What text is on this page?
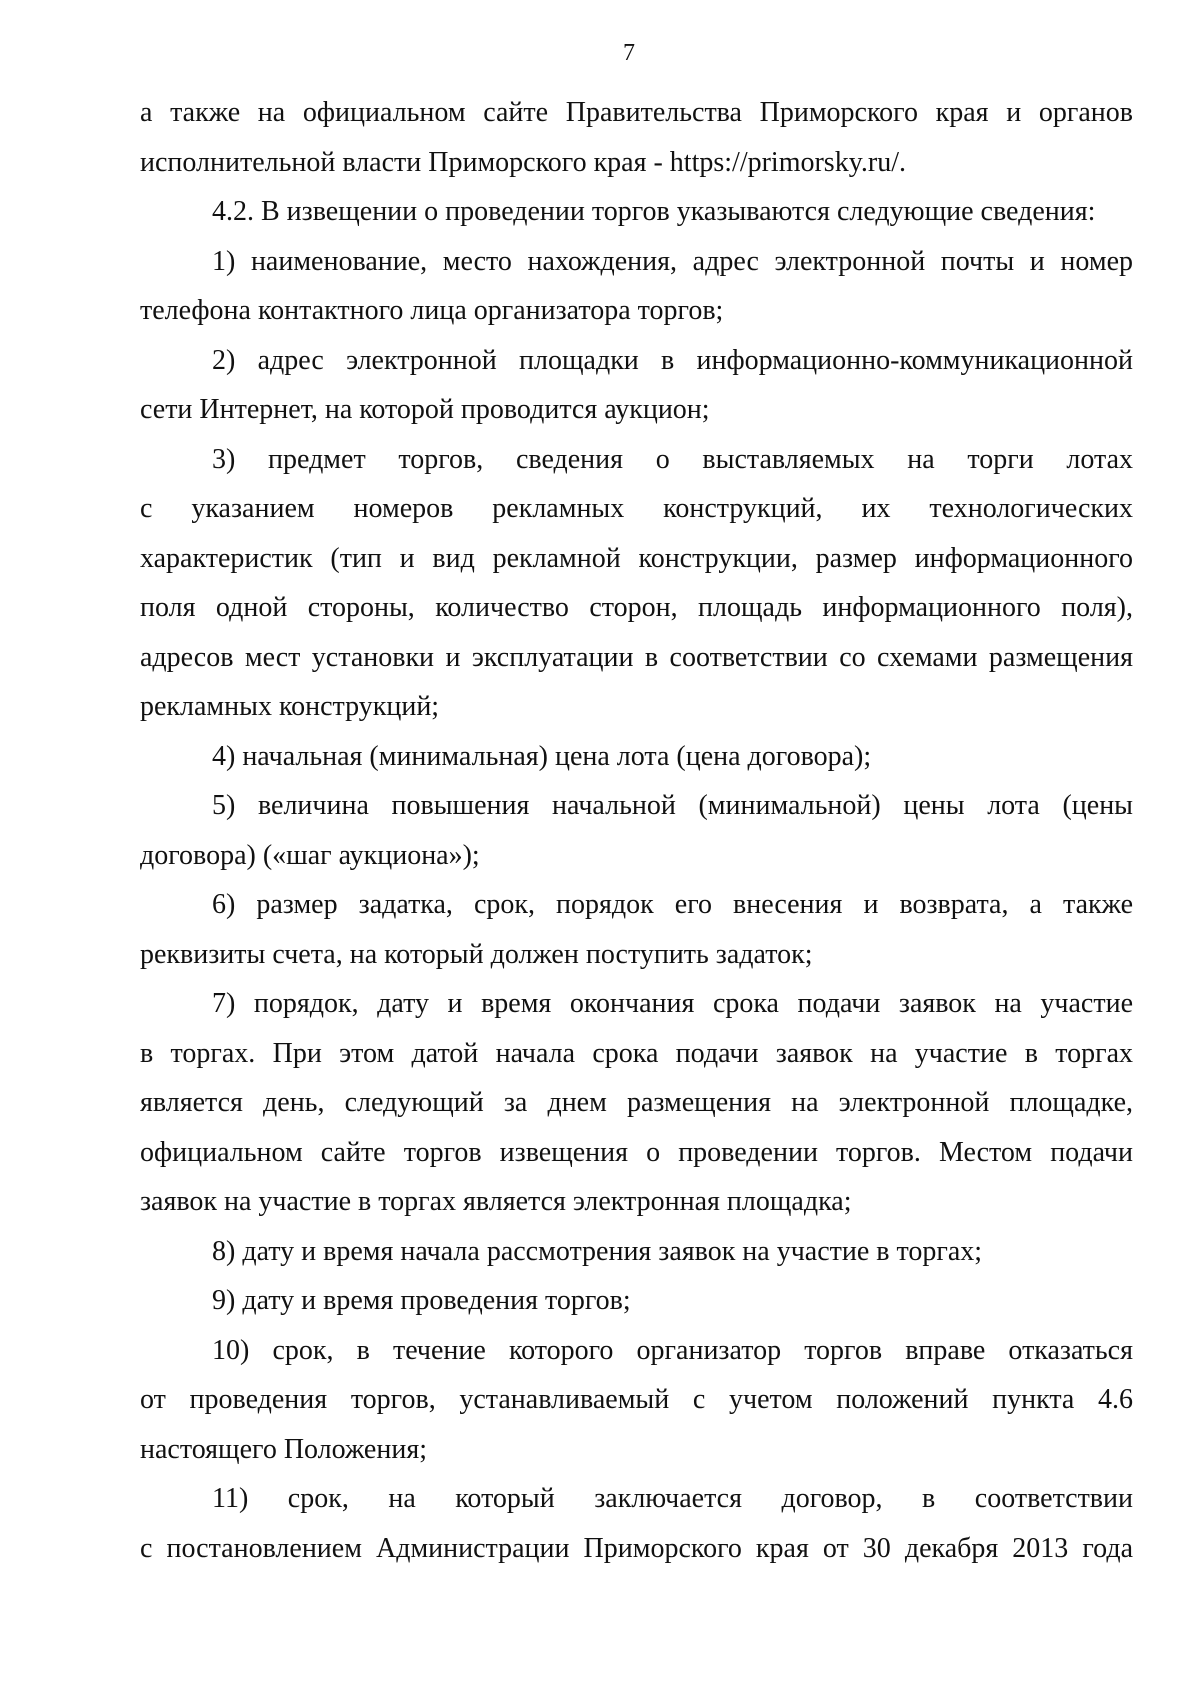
7
а также на официальном сайте Правительства Приморского края и органов
исполнительной власти Приморского края - https://primorsky.ru/.
4.2. В извещении о проведении торгов указываются следующие сведения:
1) наименование, место нахождения, адрес электронной почты и номер
телефона контактного лица организатора торгов;
2) адрес электронной площадки в информационно-коммуникационной
сети Интернет, на которой проводится аукцион;
3) предмет торгов, сведения о выставляемых на торги лотах
с указанием номеров рекламных конструкций, их технологических
характеристик (тип и вид рекламной конструкции, размер информационного
поля одной стороны, количество сторон, площадь информационного поля),
адресов мест установки и эксплуатации в соответствии со схемами размещения
рекламных конструкций;
4) начальная (минимальная) цена лота (цена договора);
5) величина повышения начальной (минимальной) цены лота (цены
договора) («шаг аукциона»);
6) размер задатка, срок, порядок его внесения и возврата, а также
реквизиты счета, на который должен поступить задаток;
7) порядок, дату и время окончания срока подачи заявок на участие
в торгах. При этом датой начала срока подачи заявок на участие в торгах
является день, следующий за днем размещения на электронной площадке,
официальном сайте торгов извещения о проведении торгов. Местом подачи
заявок на участие в торгах является электронная площадка;
8) дату и время начала рассмотрения заявок на участие в торгах;
9) дату и время проведения торгов;
10) срок, в течение которого организатор торгов вправе отказаться
от проведения торгов, устанавливаемый с учетом положений пункта 4.6
настоящего Положения;
11) срок, на который заключается договор, в соответствии
с постановлением Администрации Приморского края от 30 декабря 2013 года
